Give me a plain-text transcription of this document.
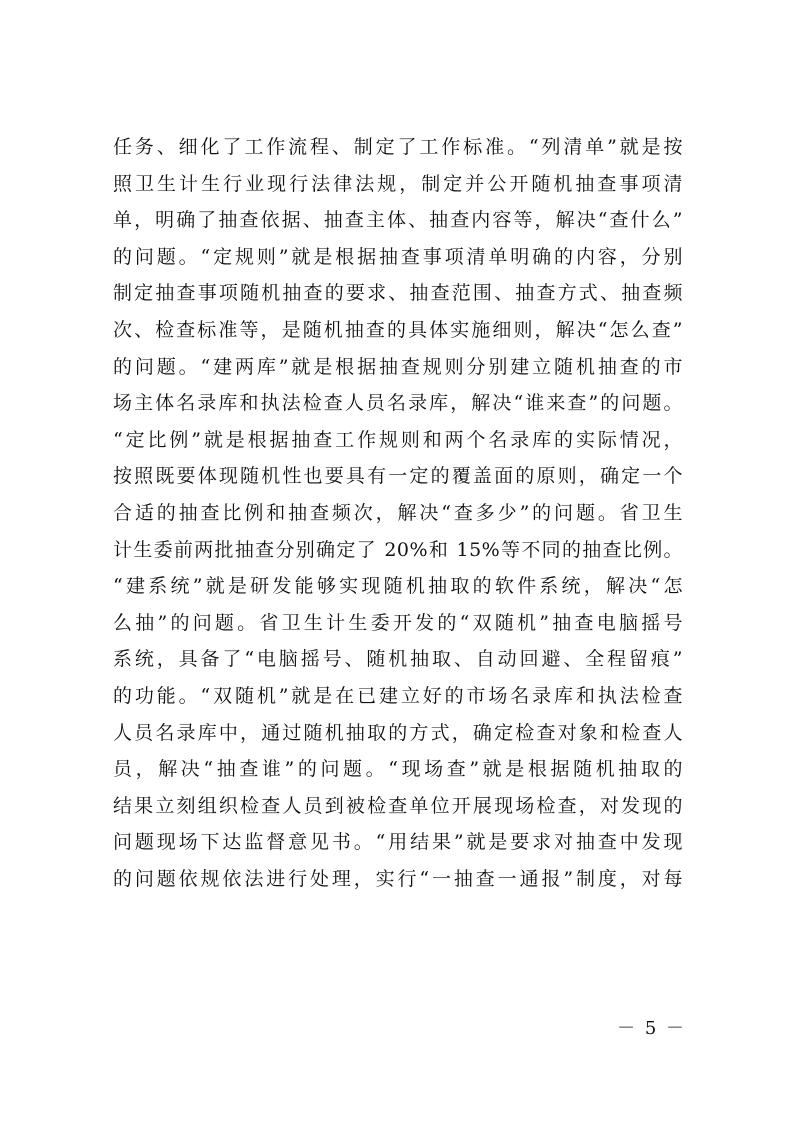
任务、细化了工作流程、制定了工作标准。“列清单”就是按
照卫生计生行业现行法律法规，制定并公开随机抽查事项清
单，明确了抽查依据、抽查主体、抽查内容等，解决“查什么”
的问题。“定规则”就是根据抽查事项清单明确的内容，分别
制定抽查事项随机抽查的要求、抽查范围、抽查方式、抽查频
次、检查标准等，是随机抽查的具体实施细则，解决“怎么查”
的问题。“建两库”就是根据抽查规则分别建立随机抽查的市
场主体名录库和执法检查人员名录库，解决“谁来查”的问题。
“定比例”就是根据抽查工作规则和两个名录库的实际情况，
按照既要体现随机性也要具有一定的覆盖面的原则，确定一个
合适的抽查比例和抽查频次，解决“查多少”的问题。省卫生
计生委前两批抽查分别确定了 20%和 15%等不同的抽查比例。
“建系统”就是研发能够实现随机抽取的软件系统，解决“怎
么抽”的问题。省卫生计生委开发的“双随机”抽查电脑摇号
系统，具备了“电脑摇号、随机抽取、自动回避、全程留痕”
的功能。“双随机”就是在已建立好的市场名录库和执法检查
人员名录库中，通过随机抽取的方式，确定检查对象和检查人
员，解决“抽查谁”的问题。“现场查”就是根据随机抽取的
结果立刻组织检查人员到被检查单位开展现场检查，对发现的
问题现场下达监督意见书。“用结果”就是要求对抽查中发现
的问题依规依法进行处理，实行“一抽查一通报”制度，对每
－ 5 －
